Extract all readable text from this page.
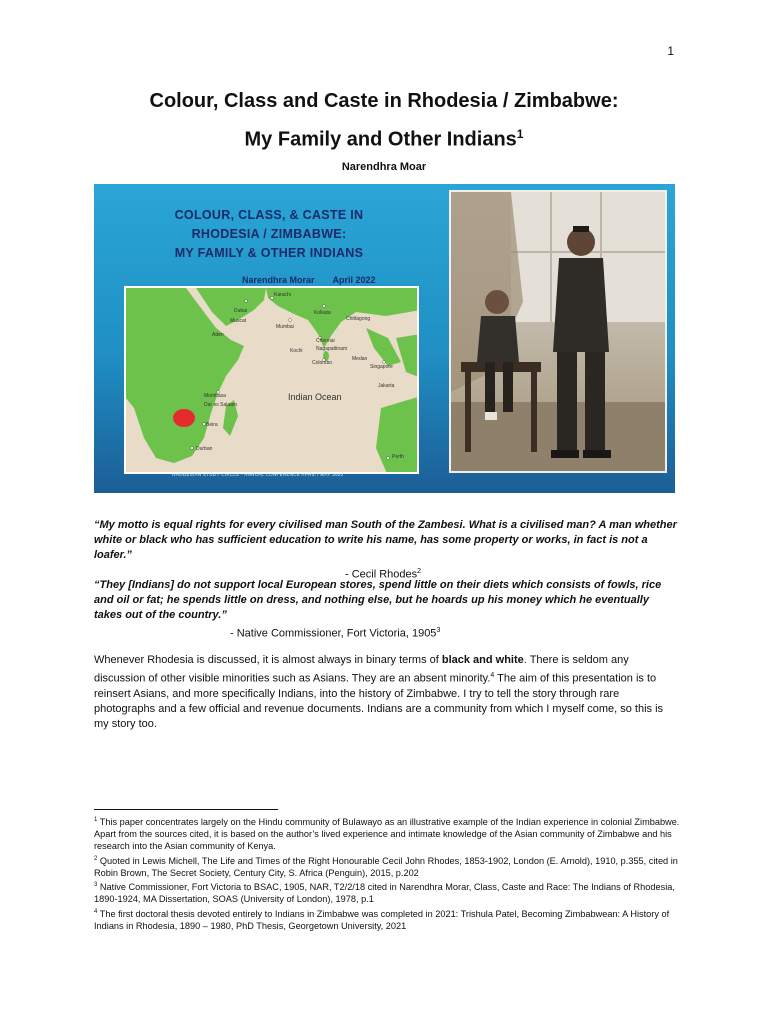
1
Colour, Class and Caste in Rhodesia / Zimbabwe:
My Family and Other Indians$^1$
Narendhra Moar
COLOUR, CLASS, & CASTE IN
RHODESIA / ZIMBABWE:
MY FAMILY & OTHER INDIANS
Narendhra Morar April 2022
Dubai
Muscat
Karachi
Mumbai
Kolkata
Chittagong
Aden
Kochi
Chennai
Nagapattinam
Colombo
Medan
Singapore
Jakarta
Mombasa
Dar es Salaam
Beira
Durban
Perth
Indian Ocean
RHODESIAN STUDY CIRCLE - ANNUAL CONFERENCE APRIL / MAY 2022
“My motto is equal rights for every civilised man South of the Zambesi. What is a civilised man? A man whether white or black who has sufficient education to write his name, has some property or works, in fact is not a loafer.”
- Cecil Rhodes$^2$
“They [Indians] do not support local European stores, spend little on their diets which consists of fowls, rice and oil or fat; he spends little on dress, and nothing else, but he hoards up his money which he eventually takes out of the country.”
- Native Commissioner, Fort Victoria, 1905$^3$
Whenever Rhodesia is discussed, it is almost always in binary terms of black and white. There is seldom any discussion of other visible minorities such as Asians. They are an absent minority.$^4$ The aim of this presentation is to reinsert Asians, and more specifically Indians, into the history of Zimbabwe. I try to tell the story through rare photographs and a few official and revenue documents. Indians are a community from which I myself come, so this is my story too.

$^1$ This paper concentrates largely on the Hindu community of Bulawayo as an illustrative example of the Indian experience in colonial Zimbabwe. Apart from the sources cited, it is based on the author’s lived experience and intimate knowledge of the Asian community of Zimbabwe and his research into the Asian community of Kenya.

$^2$ Quoted in Lewis Michell, The Life and Times of the Right Honourable Cecil John Rhodes, 1853-1902, London (E. Arnold), 1910, p.355, cited in Robin Brown, The Secret Society, Century City, S. Africa (Penguin), 2015, p.202

$^3$ Native Commissioner, Fort Victoria to BSAC, 1905, NAR, T2/2/18 cited in Narendhra Morar, Class, Caste and Race: The Indians of Rhodesia, 1890-1924, MA Dissertation, SOAS (University of London), 1978, p.1

$^4$ The first doctoral thesis devoted entirely to Indians in Zimbabwe was completed in 2021: Trishula Patel, Becoming Zimbabwean: A History of Indians in Rhodesia, 1890 – 1980, PhD Thesis, Georgetown University, 2021
